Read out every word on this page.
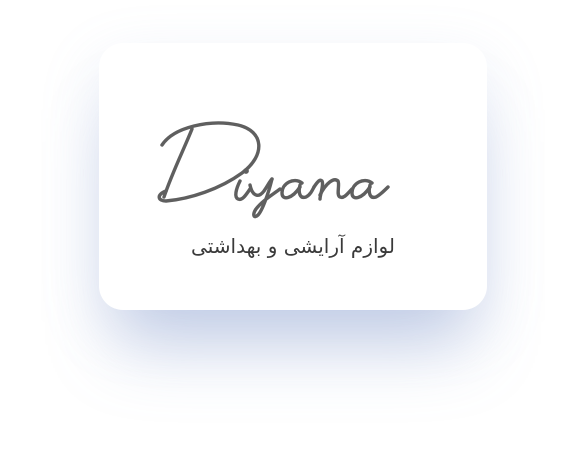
لوازم آرایشی و بهداشتی
